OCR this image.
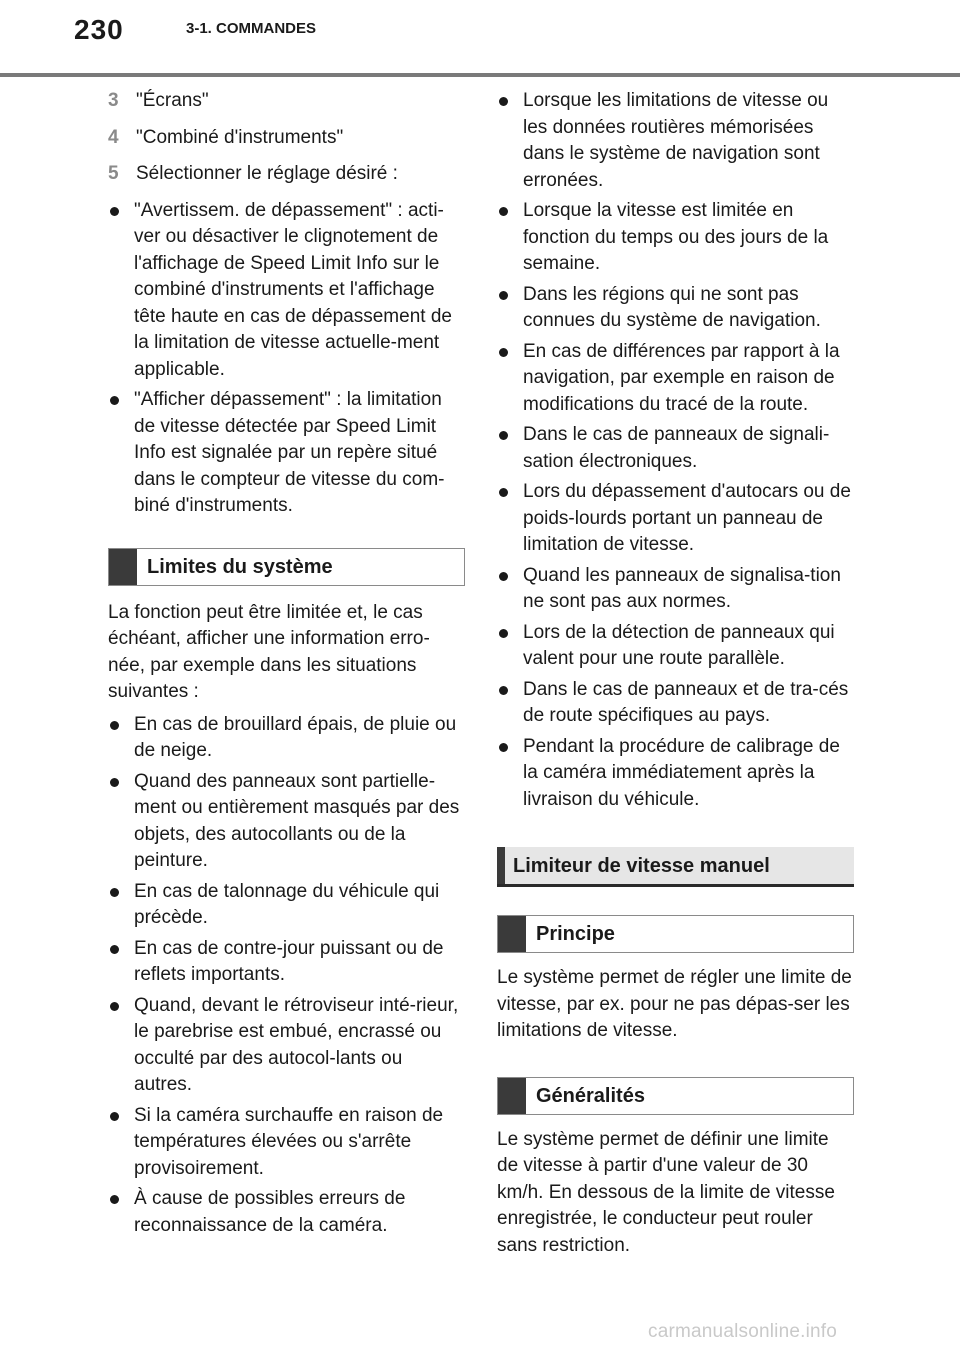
230	3-1. COMMANDES
3 "Écrans"
4 "Combiné d'instruments"
5 Sélectionner le réglage désiré :
"Avertissem. de dépassement" : acti-ver ou désactiver le clignotement de l'affichage de Speed Limit Info sur le combiné d'instruments et l'affichage tête haute en cas de dépassement de la limitation de vitesse actuelle-ment applicable.
"Afficher dépassement" : la limitation de vitesse détectée par Speed Limit Info est signalée par un repère situé dans le compteur de vitesse du com-biné d'instruments.
Limites du système

La fonction peut être limitée et, le cas échéant, afficher une information erro-née, par exemple dans les situations suivantes :

En cas de brouillard épais, de pluie ou de neige.
Quand des panneaux sont partielle-ment ou entièrement masqués par des objets, des autocollants ou de la peinture.
En cas de talonnage du véhicule qui précède.
En cas de contre-jour puissant ou de reflets importants.
Quand, devant le rétroviseur inté-rieur, le parebrise est embué, encrassé ou occulté par des autocol-lants ou autres.
Si la caméra surchauffe en raison de températures élevées ou s'arrête provisoirement.
À cause de possibles erreurs de reconnaissance de la caméra.
Lorsque les limitations de vitesse ou les données routières mémorisées dans le système de navigation sont erronées.
Lorsque la vitesse est limitée en fonction du temps ou des jours de la semaine.
Dans les régions qui ne sont pas connues du système de navigation.
En cas de différences par rapport à la navigation, par exemple en raison de modifications du tracé de la route.
Dans le cas de panneaux de signali-sation électroniques.
Lors du dépassement d'autocars ou de poids-lourds portant un panneau de limitation de vitesse.
Quand les panneaux de signalisa-tion ne sont pas aux normes.
Lors de la détection de panneaux qui valent pour une route parallèle.
Dans le cas de panneaux et de tra-cés de route spécifiques au pays.
Pendant la procédure de calibrage de la caméra immédiatement après la livraison du véhicule.
Limiteur de vitesse manuel
Principe

Le système permet de régler une limite de vitesse, par ex. pour ne pas dépas-ser les limitations de vitesse.

Généralités

Le système permet de définir une limite de vitesse à partir d'une valeur de 30 km/h. En dessous de la limite de vitesse enregistrée, le conducteur peut rouler sans restriction.

carmanualsonline.info
